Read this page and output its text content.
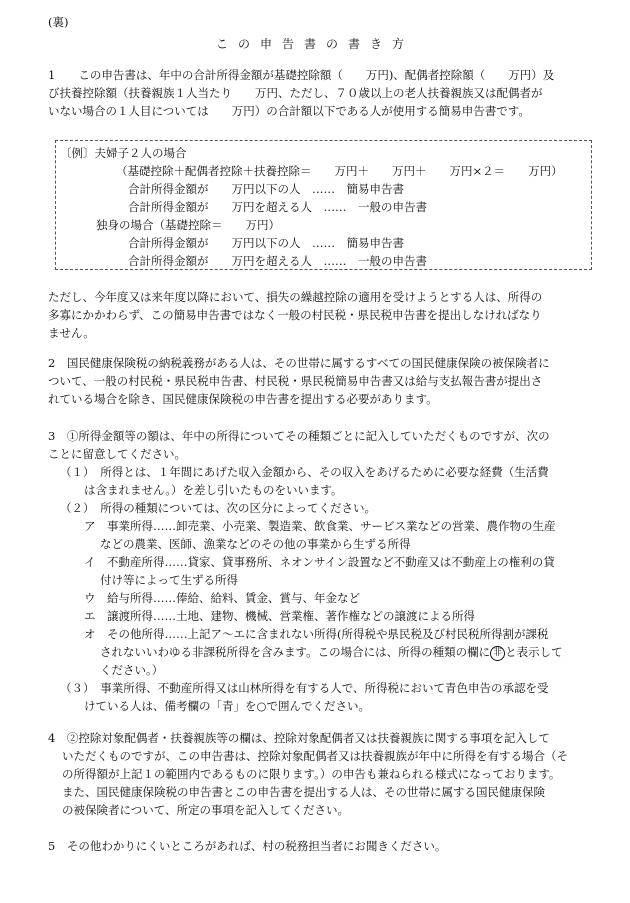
(裏)
この申告書の書き方

1　　 この申告書は、年中の合計所得金額が基礎控除額（　　万円)、配偶者控除額（　　万円）及

び扶養控除額（扶養親族１人当たり　　万円、ただし、７０歳以上の老人扶養親族又は配偶者が

いない場合の１人目については　　万円）の合計額以下である人が使用する簡易申告書です。

〔例〕夫婦子２人の場合
（基礎控除＋配偶者控除＋扶養控除＝　　万円＋　　万円＋　　万円×２＝　　万円）
合計所得金額が　　万円以下の人　……　簡易申告書
合計所得金額が　　万円を超える人　……　一般の申告書
独身の場合（基礎控除＝　　万円）
合計所得金額が　　万円以下の人　……　簡易申告書
合計所得金額が　　万円を超える人　……　一般の申告書

ただし、今年度又は来年度以降において、損失の繰越控除の適用を受けようとする人は、所得の

多寡にかかわらず、この簡易申告書ではなく一般の村民税・県民税申告書を提出しなければなり

ません。

2　 国民健康保険税の納税義務がある人は、その世帯に属するすべての国民健康保険の被保険者に

ついて、一般の村民税・県民税申告書、村民税・県民税簡易申告書又は給与支払報告書が提出さ

れている場合を除き、国民健康保険税の申告書を提出する必要があります。

3　 ①所得金額等の額は、年中の所得についてその種類ごとに記入していただくものですが、次の

ことに留意してください。

（１）　所得とは、１年間にあげた収入金額から、その収入をあげるために必要な経費（生活費

は含まれません。）を差し引いたものをいいます。

（２）　所得の種類については、次の区分によってください。

ア　事業所得……卸売業、小売業、製造業、飲食業、サービス業などの営業、農作物の生産

などの農業、医師、漁業などのその他の事業から生ずる所得

イ　不動産所得……貸家、貸事務所、ネオンサイン設置など不動産又は不動産上の権利の貸

付け等によって生ずる所得

ウ　給与所得……俸給、給料、賃金、賞与、年金など

エ　譲渡所得……土地、建物、機械、営業権、著作権などの譲渡による所得

オ　その他所得……上記ア～エに含まれない所得(所得税や県民税及び村民税所得割が課税

されないいわゆる非課税所得を含みます。この場合には、所得の種類の欄に 非 と表示して

ください。）

（３）　事業所得、不動産所得又は山林所得を有する人で、所得税において青色申告の承認を受

けている人は、備考欄の「青」を○で囲んでください。

4　 ②控除対象配偶者・扶養親族等の欄は、控除対象配偶者又は扶養親族に関する事項を記入して

いただくものですが、この申告書は、控除対象配偶者又は扶養親族が年中に所得を有する場合（そ

の所得額が上記１の範囲内であるものに限ります。）の申告も兼ねられる様式になっております。

また、国民健康保険税の申告書とこの申告書を提出する人は、その世帯に属する国民健康保険

の被保険者について、所定の事項を記入してください。

5　 その他わかりにくいところがあれば、村の税務担当者にお聞きください。
